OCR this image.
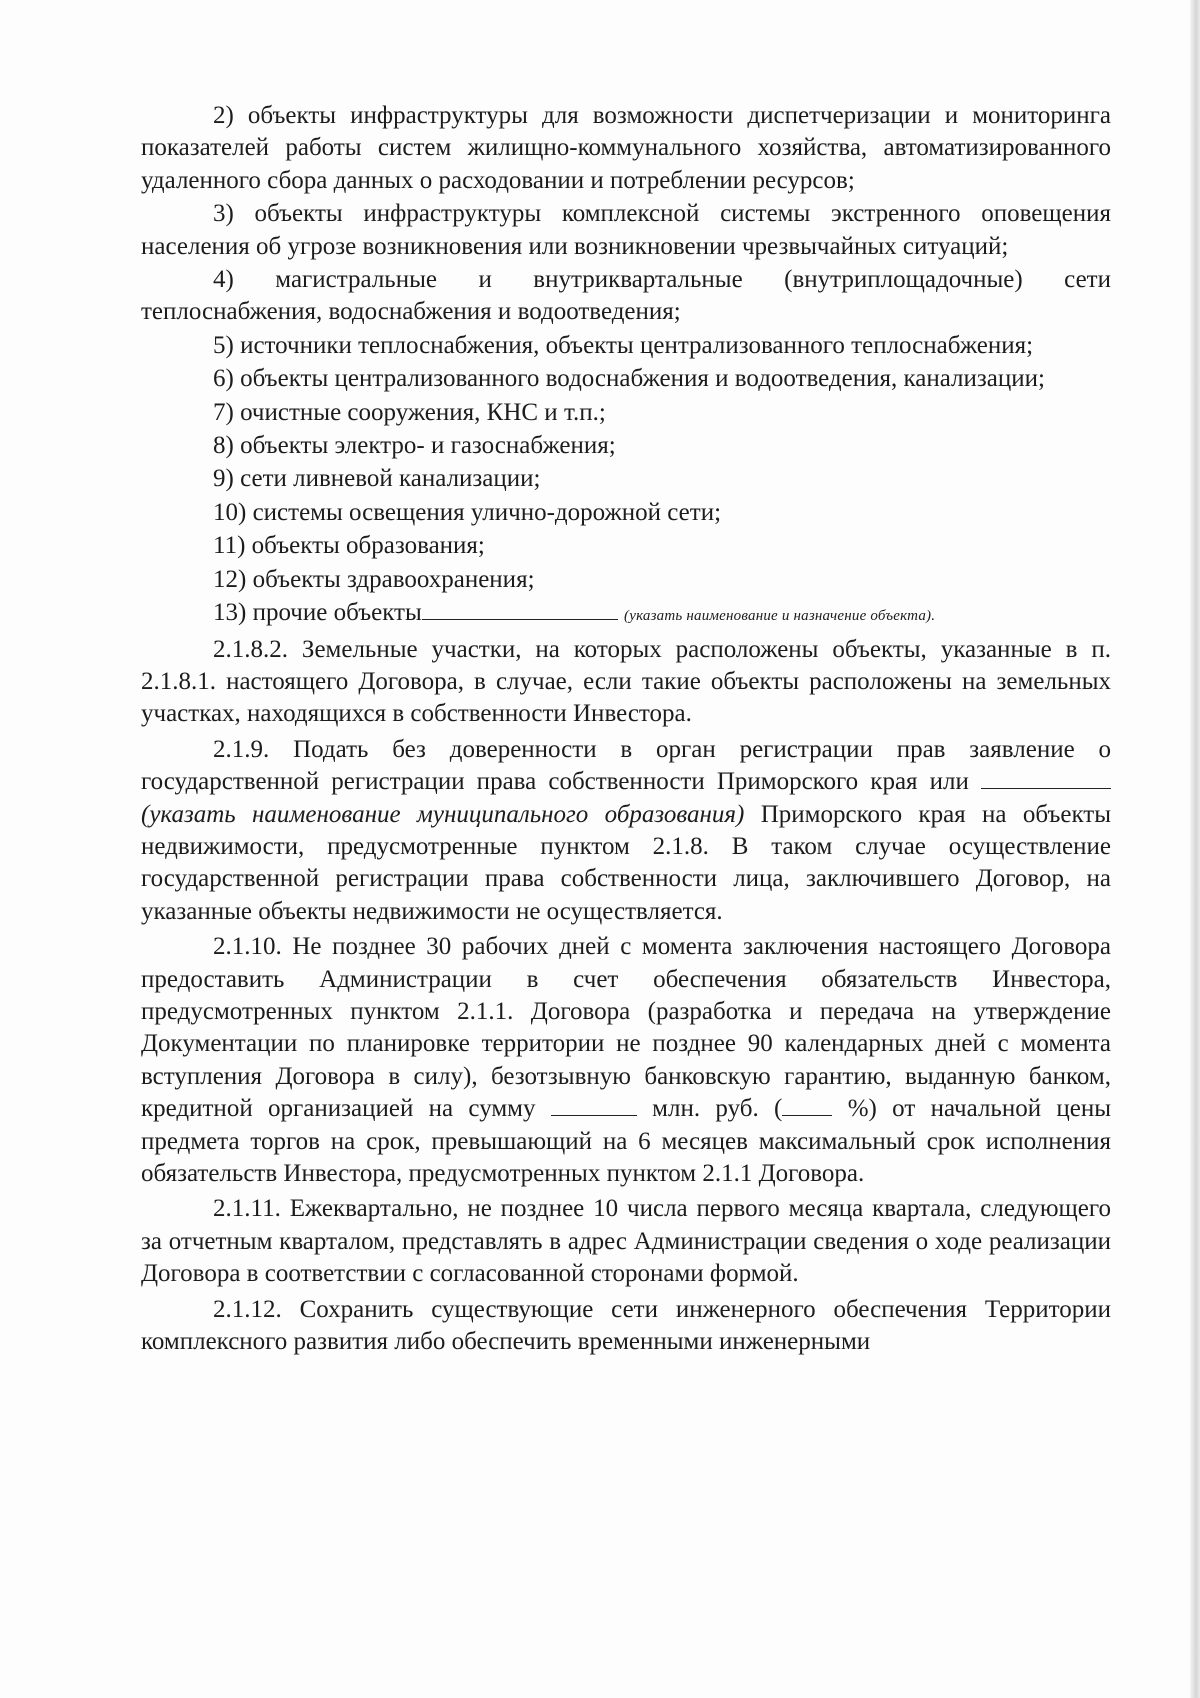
2) объекты инфраструктуры для возможности диспетчеризации и мониторинга показателей работы систем жилищно-коммунального хозяйства, автоматизированного удаленного сбора данных о расходовании и потреблении ресурсов;

3) объекты инфраструктуры комплексной системы экстренного оповещения населения об угрозе возникновения или возникновении чрезвычайных ситуаций;

4) магистральные и внутриквартальные (внутриплощадочные) сети теплоснабжения, водоснабжения и водоотведения;

5) источники теплоснабжения, объекты централизованного теплоснабжения;

6) объекты централизованного водоснабжения и водоотведения, канализации;

7) очистные сооружения, КНС и т.п.;

8) объекты электро- и газоснабжения;

9) сети ливневой канализации;

10) системы освещения улично-дорожной сети;

11) объекты образования;

12) объекты здравоохранения;

13) прочие объекты	(указать наименование и назначение объекта).

2.1.8.2. Земельные участки, на которых расположены объекты, указанные в п. 2.1.8.1. настоящего Договора, в случае, если такие объекты расположены на земельных участках, находящихся в собственности Инвестора.

2.1.9. Подать без доверенности в орган регистрации прав заявление о государственной регистрации права собственности Приморского края или  (указать наименование муниципального образования) Приморского края на объекты недвижимости, предусмотренные пунктом 2.1.8. В таком случае осуществление государственной регистрации права собственности лица, заключившего Договор, на указанные объекты недвижимости не осуществляется.

2.1.10. Не позднее 30 рабочих дней с момента заключения настоящего Договора предоставить Администрации в счет обеспечения обязательств Инвестора, предусмотренных пунктом 2.1.1. Договора (разработка и передача на утверждение Документации по планировке территории не позднее 90 календарных дней с момента вступления Договора в силу), безотзывную банковскую гарантию, выданную банком, кредитной организацией на сумму	млн. руб. (	%) от начальной цены предмета торгов на срок, превышающий на 6 месяцев максимальный срок исполнения обязательств Инвестора, предусмотренных пунктом 2.1.1 Договора.

2.1.11. Ежеквартально, не позднее 10 числа первого месяца квартала, следующего за отчетным кварталом, представлять в адрес Администрации сведения о ходе реализации Договора в соответствии с согласованной сторонами формой.

2.1.12. Сохранить существующие сети инженерного обеспечения Территории комплексного развития либо обеспечить временными инженерными
